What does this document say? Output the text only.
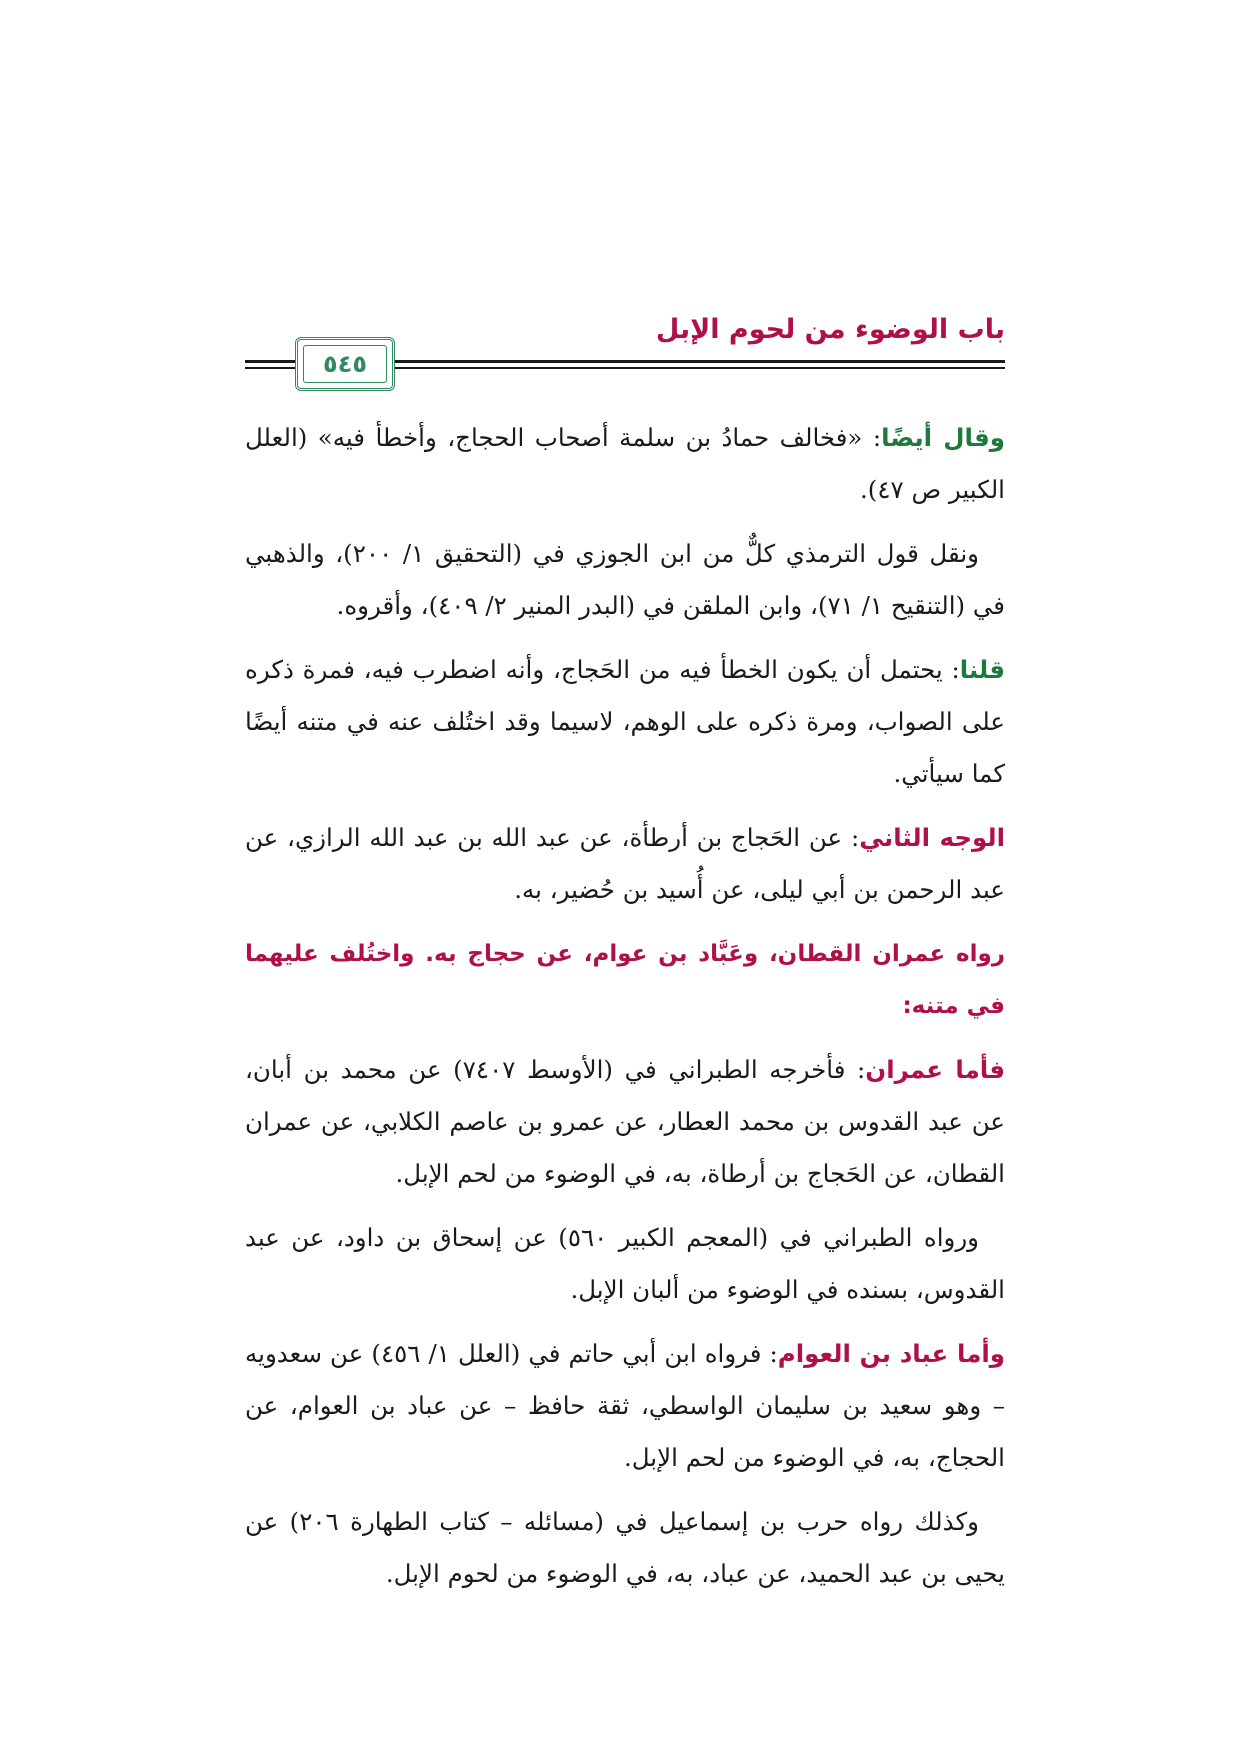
باب الوضوء من لحوم الإبل
٥٤٥

وقال أيضًا: «فخالف حمادُ بن سلمة أصحاب الحجاج، وأخطأ فيه» (العلل الكبير ص ٤٧).

ونقل قول الترمذي كلٌّ من ابن الجوزي في (التحقيق ١/ ٢٠٠)، والذهبي في (التنقيح ١/ ٧١)، وابن الملقن في (البدر المنير ٢/ ٤٠٩)، وأقروه.

قلنا: يحتمل أن يكون الخطأ فيه من الحَجاج، وأنه اضطرب فيه، فمرة ذكره على الصواب، ومرة ذكره على الوهم، لاسيما وقد اختُلف عنه في متنه أيضًا كما سيأتي.

الوجه الثاني: عن الحَجاج بن أرطأة، عن عبد الله بن عبد الله الرازي، عن عبد الرحمن بن أبي ليلى، عن أُسيد بن حُضير، به.

رواه عمران القطان، وعَبَّاد بن عوام، عن حجاج به. واختُلف عليهما في متنه:

فأما عمران: فأخرجه الطبراني في (الأوسط ٧٤٠٧) عن محمد بن أبان، عن عبد القدوس بن محمد العطار، عن عمرو بن عاصم الكلابي، عن عمران القطان، عن الحَجاج بن أرطاة، به، في الوضوء من لحم الإبل.

ورواه الطبراني في (المعجم الكبير ٥٦٠) عن إسحاق بن داود، عن عبد القدوس، بسنده في الوضوء من ألبان الإبل.

وأما عباد بن العوام: فرواه ابن أبي حاتم في (العلل ١/ ٤٥٦) عن سعدويه – وهو سعيد بن سليمان الواسطي، ثقة حافظ – عن عباد بن العوام، عن الحجاج، به، في الوضوء من لحم الإبل.

وكذلك رواه حرب بن إسماعيل في (مسائله – كتاب الطهارة ٢٠٦) عن يحيى بن عبد الحميد، عن عباد، به، في الوضوء من لحوم الإبل.
